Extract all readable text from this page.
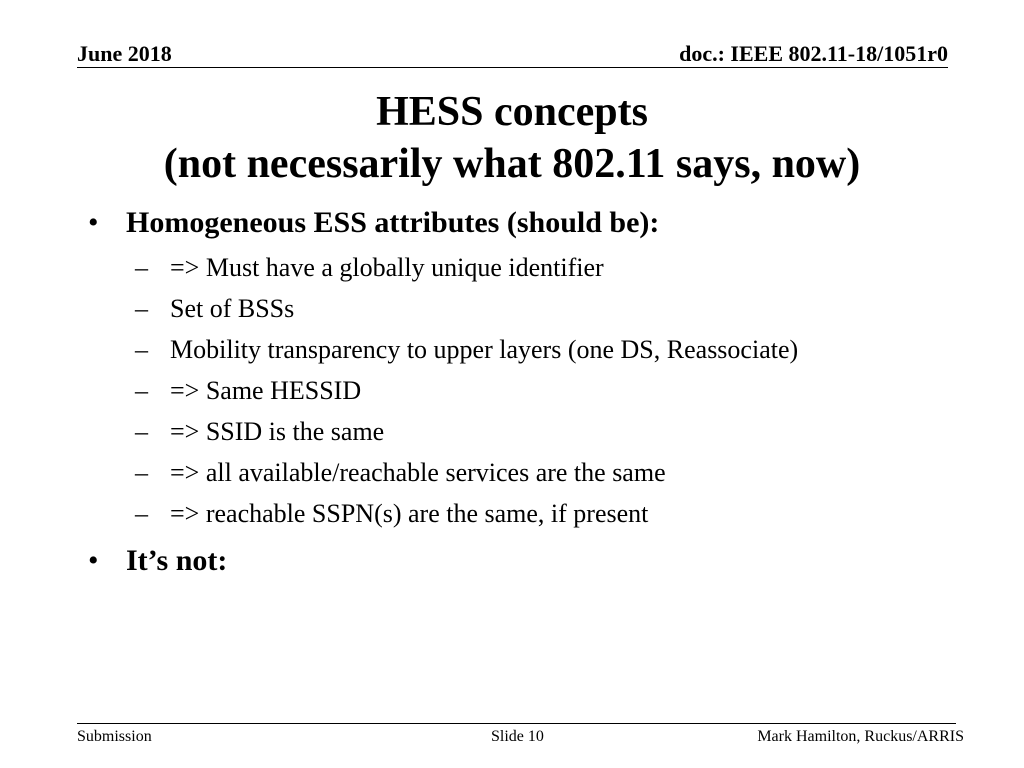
June 2018	doc.: IEEE 802.11-18/1051r0
HESS concepts
(not necessarily what 802.11 says, now)
• Homogeneous ESS attributes (should be):
– => Must have a globally unique identifier
– Set of BSSs
– Mobility transparency to upper layers (one DS, Reassociate)
– => Same HESSID
– => SSID is the same
– => all available/reachable services are the same
– => reachable SSPN(s) are the same, if present
• It’s not:
Submission	Slide 10	Mark Hamilton, Ruckus/ARRIS
